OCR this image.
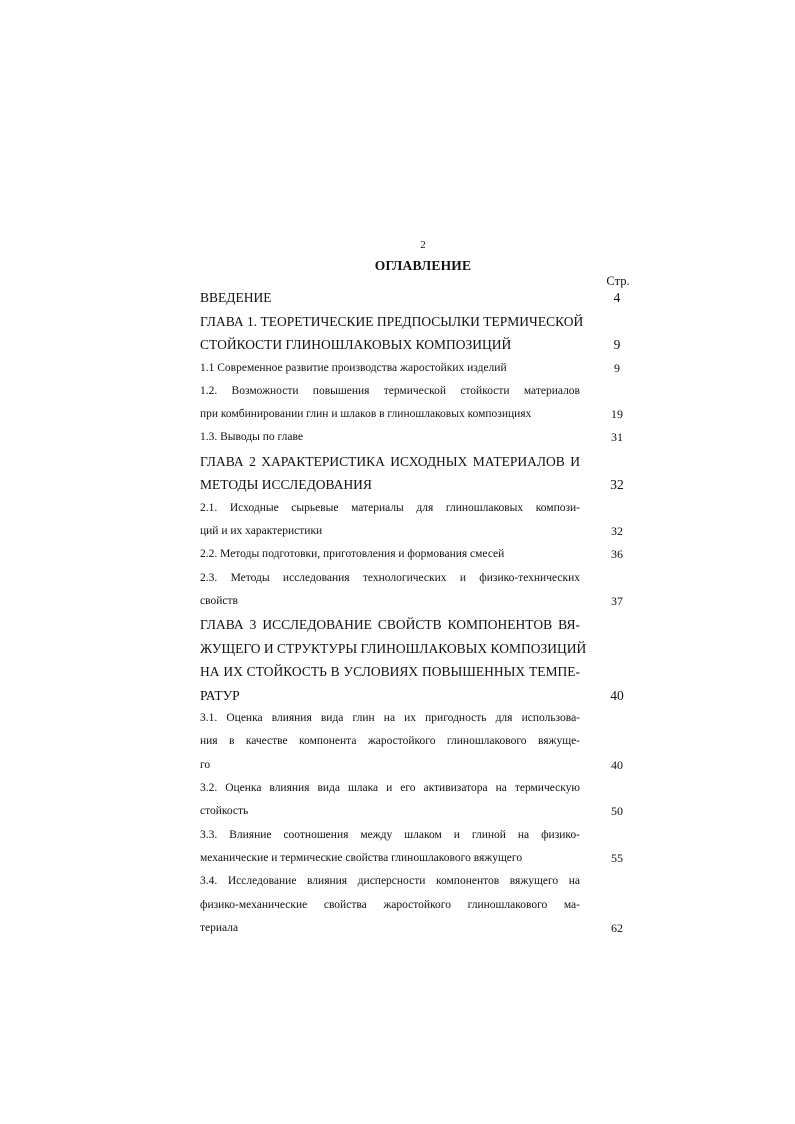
2
ОГЛАВЛЕНИЕ
Стр.
ВВЕДЕНИЕ	4
ГЛАВА 1. ТЕОРЕТИЧЕСКИЕ ПРЕДПОСЫЛКИ ТЕРМИЧЕСКОЙ
СТОЙКОСТИ ГЛИНОШЛАКОВЫХ КОМПОЗИЦИЙ	9
1.1 Современное развитие производства жаростойких изделий	9
1.2. Возможности повышения термической стойкости материалов
при комбинировании глин и шлаков в глиношлаковых композициях	19
1.3. Выводы по главе	31
ГЛАВА 2 ХАРАКТЕРИСТИКА ИСХОДНЫХ МАТЕРИАЛОВ И
МЕТОДЫ ИССЛЕДОВАНИЯ	32
2.1. Исходные сырьевые материалы для глиношлаковых компози-
ций и их характеристики	32
2.2. Методы подготовки, приготовления и формования смесей	36
2.3. Методы исследования технологических и физико-технических
свойств	37
ГЛАВА 3 ИССЛЕДОВАНИЕ СВОЙСТВ КОМПОНЕНТОВ ВЯ-
ЖУЩЕГО И СТРУКТУРЫ ГЛИНОШЛАКОВЫХ КОМПОЗИЦИЙ
НА ИХ СТОЙКОСТЬ В УСЛОВИЯХ ПОВЫШЕННЫХ ТЕМПЕ-
РАТУР	40
3.1. Оценка влияния вида глин на их пригодность для использова-
ния в качестве компонента жаростойкого глиношлакового вяжуще-
го	40
3.2. Оценка влияния вида шлака и его активизатора на термическую
стойкость	50
3.3. Влияние соотношения между шлаком и глиной на физико-
механические и термические свойства глиношлакового вяжущего	55
3.4. Исследование влияния дисперсности компонентов вяжущего на
физико-механические свойства жаростойкого глиношлакового ма-
териала	62
